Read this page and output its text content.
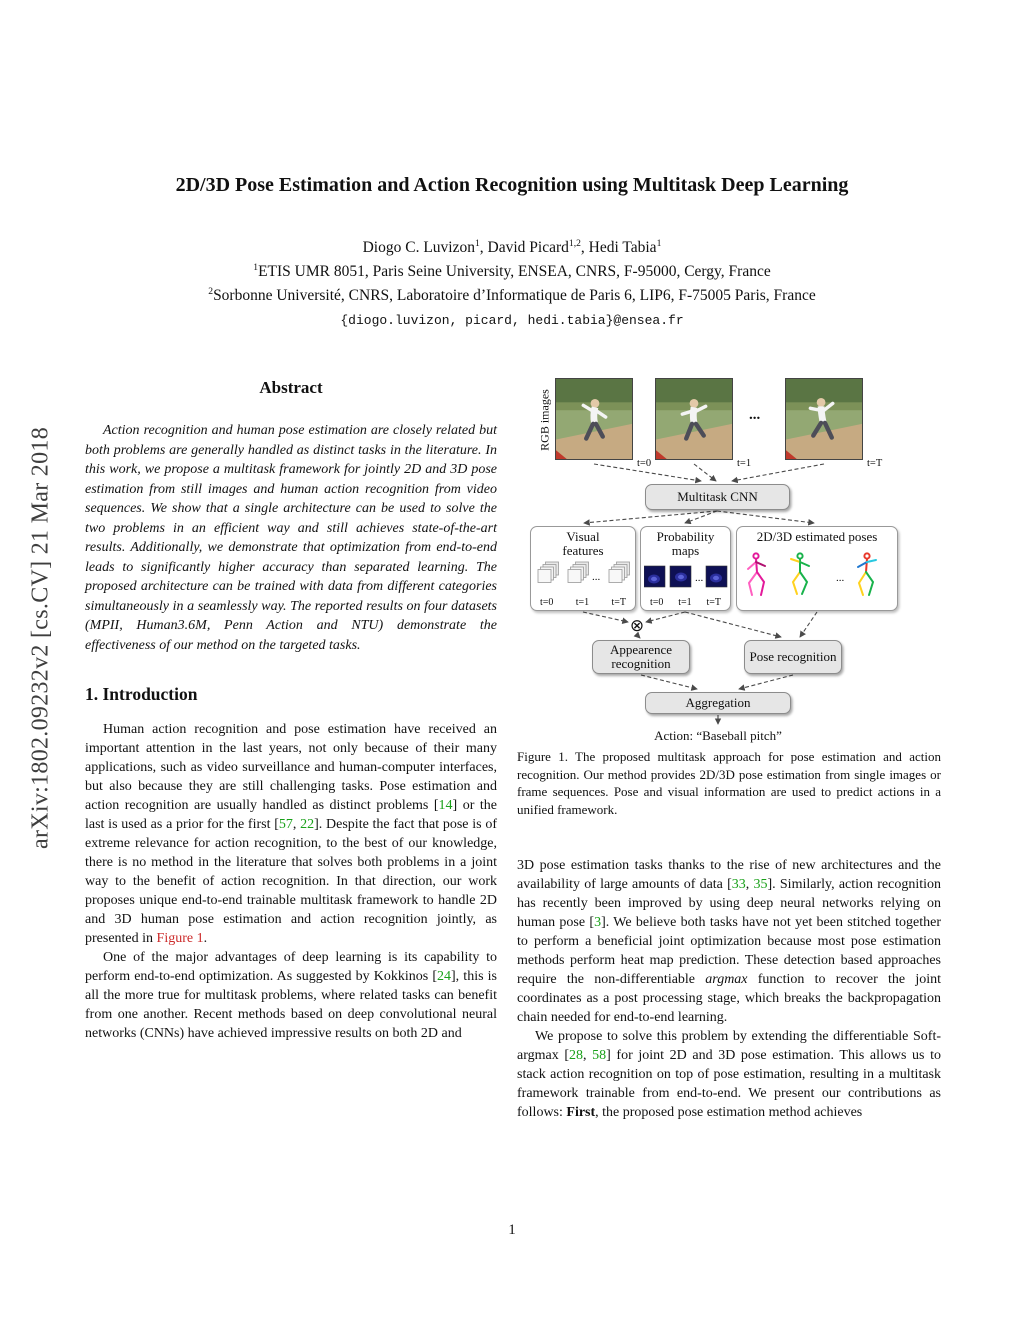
arXiv:1802.09232v2 [cs.CV] 21 Mar 2018
2D/3D Pose Estimation and Action Recognition using Multitask Deep Learning
Diogo C. Luvizon$^1$, David Picard$^{1,2}$, Hedi Tabia$^1$
$^1$ETIS UMR 8051, Paris Seine University, ENSEA, CNRS, F-95000, Cergy, France
$^2$Sorbonne Université, CNRS, Laboratoire d’Informatique de Paris 6, LIP6, F-75005 Paris, France
{diogo.luvizon, picard, hedi.tabia}@ensea.fr
Abstract

Action recognition and human pose estimation are closely related but both problems are generally handled as distinct tasks in the literature. In this work, we propose a multitask framework for jointly 2D and 3D pose estimation from still images and human action recognition from video sequences. We show that a single architecture can be used to solve the two problems in an efficient way and still achieves state-of-the-art results. Additionally, we demonstrate that optimization from end-to-end leads to significantly higher accuracy than separated learning. The proposed architecture can be trained with data from different categories simultaneously in a seamlessly way. The reported results on four datasets (MPII, Human3.6M, Penn Action and NTU) demonstrate the effectiveness of our method on the targeted tasks.

1. Introduction

Human action recognition and pose estimation have received an important attention in the last years, not only because of their many applications, such as video surveillance and human-computer interfaces, but also because they are still challenging tasks. Pose estimation and action recognition are usually handled as distinct problems [14] or the last is used as a prior for the first [57, 22]. Despite the fact that pose is of extreme relevance for action recognition, to the best of our knowledge, there is no method in the literature that solves both problems in a joint way to the benefit of action recognition. In that direction, our work proposes unique end-to-end trainable multitask framework to handle 2D and 3D human pose estimation and action recognition jointly, as presented in Figure 1.

One of the major advantages of deep learning is its capability to perform end-to-end optimization. As suggested by Kokkinos [24], this is all the more true for multitask problems, where related tasks can benefit from one another. Recent methods based on deep convolutional neural networks (CNNs) have achieved impressive results on both 2D and

RGB images
t=0	t=1	t=T
...
Multitask CNN
Visual features
...
t=0 t=1 t=T
Probability maps
...
t=0 t=1 t=T
2D/3D estimated poses
...
⊗
Appearence recognition	Pose recognition
Aggregation
Action: “Baseball pitch”

Figure 1. The proposed multitask approach for pose estimation and action recognition. Our method provides 2D/3D pose estimation from single images or frame sequences. Pose and visual information are used to predict actions in a unified framework.

3D pose estimation tasks thanks to the rise of new architectures and the availability of large amounts of data [33, 35]. Similarly, action recognition has recently been improved by using deep neural networks relying on human pose [3]. We believe both tasks have not yet been stitched together to perform a beneficial joint optimization because most pose estimation methods perform heat map prediction. These detection based approaches require the non-differentiable argmax function to recover the joint coordinates as a post processing stage, which breaks the backpropagation chain needed for end-to-end learning.

We propose to solve this problem by extending the differentiable Soft-argmax [28, 58] for joint 2D and 3D pose estimation. This allows us to stack action recognition on top of pose estimation, resulting in a multitask framework trainable from end-to-end. We present our contributions as follows: First, the proposed pose estimation method achieves

1
